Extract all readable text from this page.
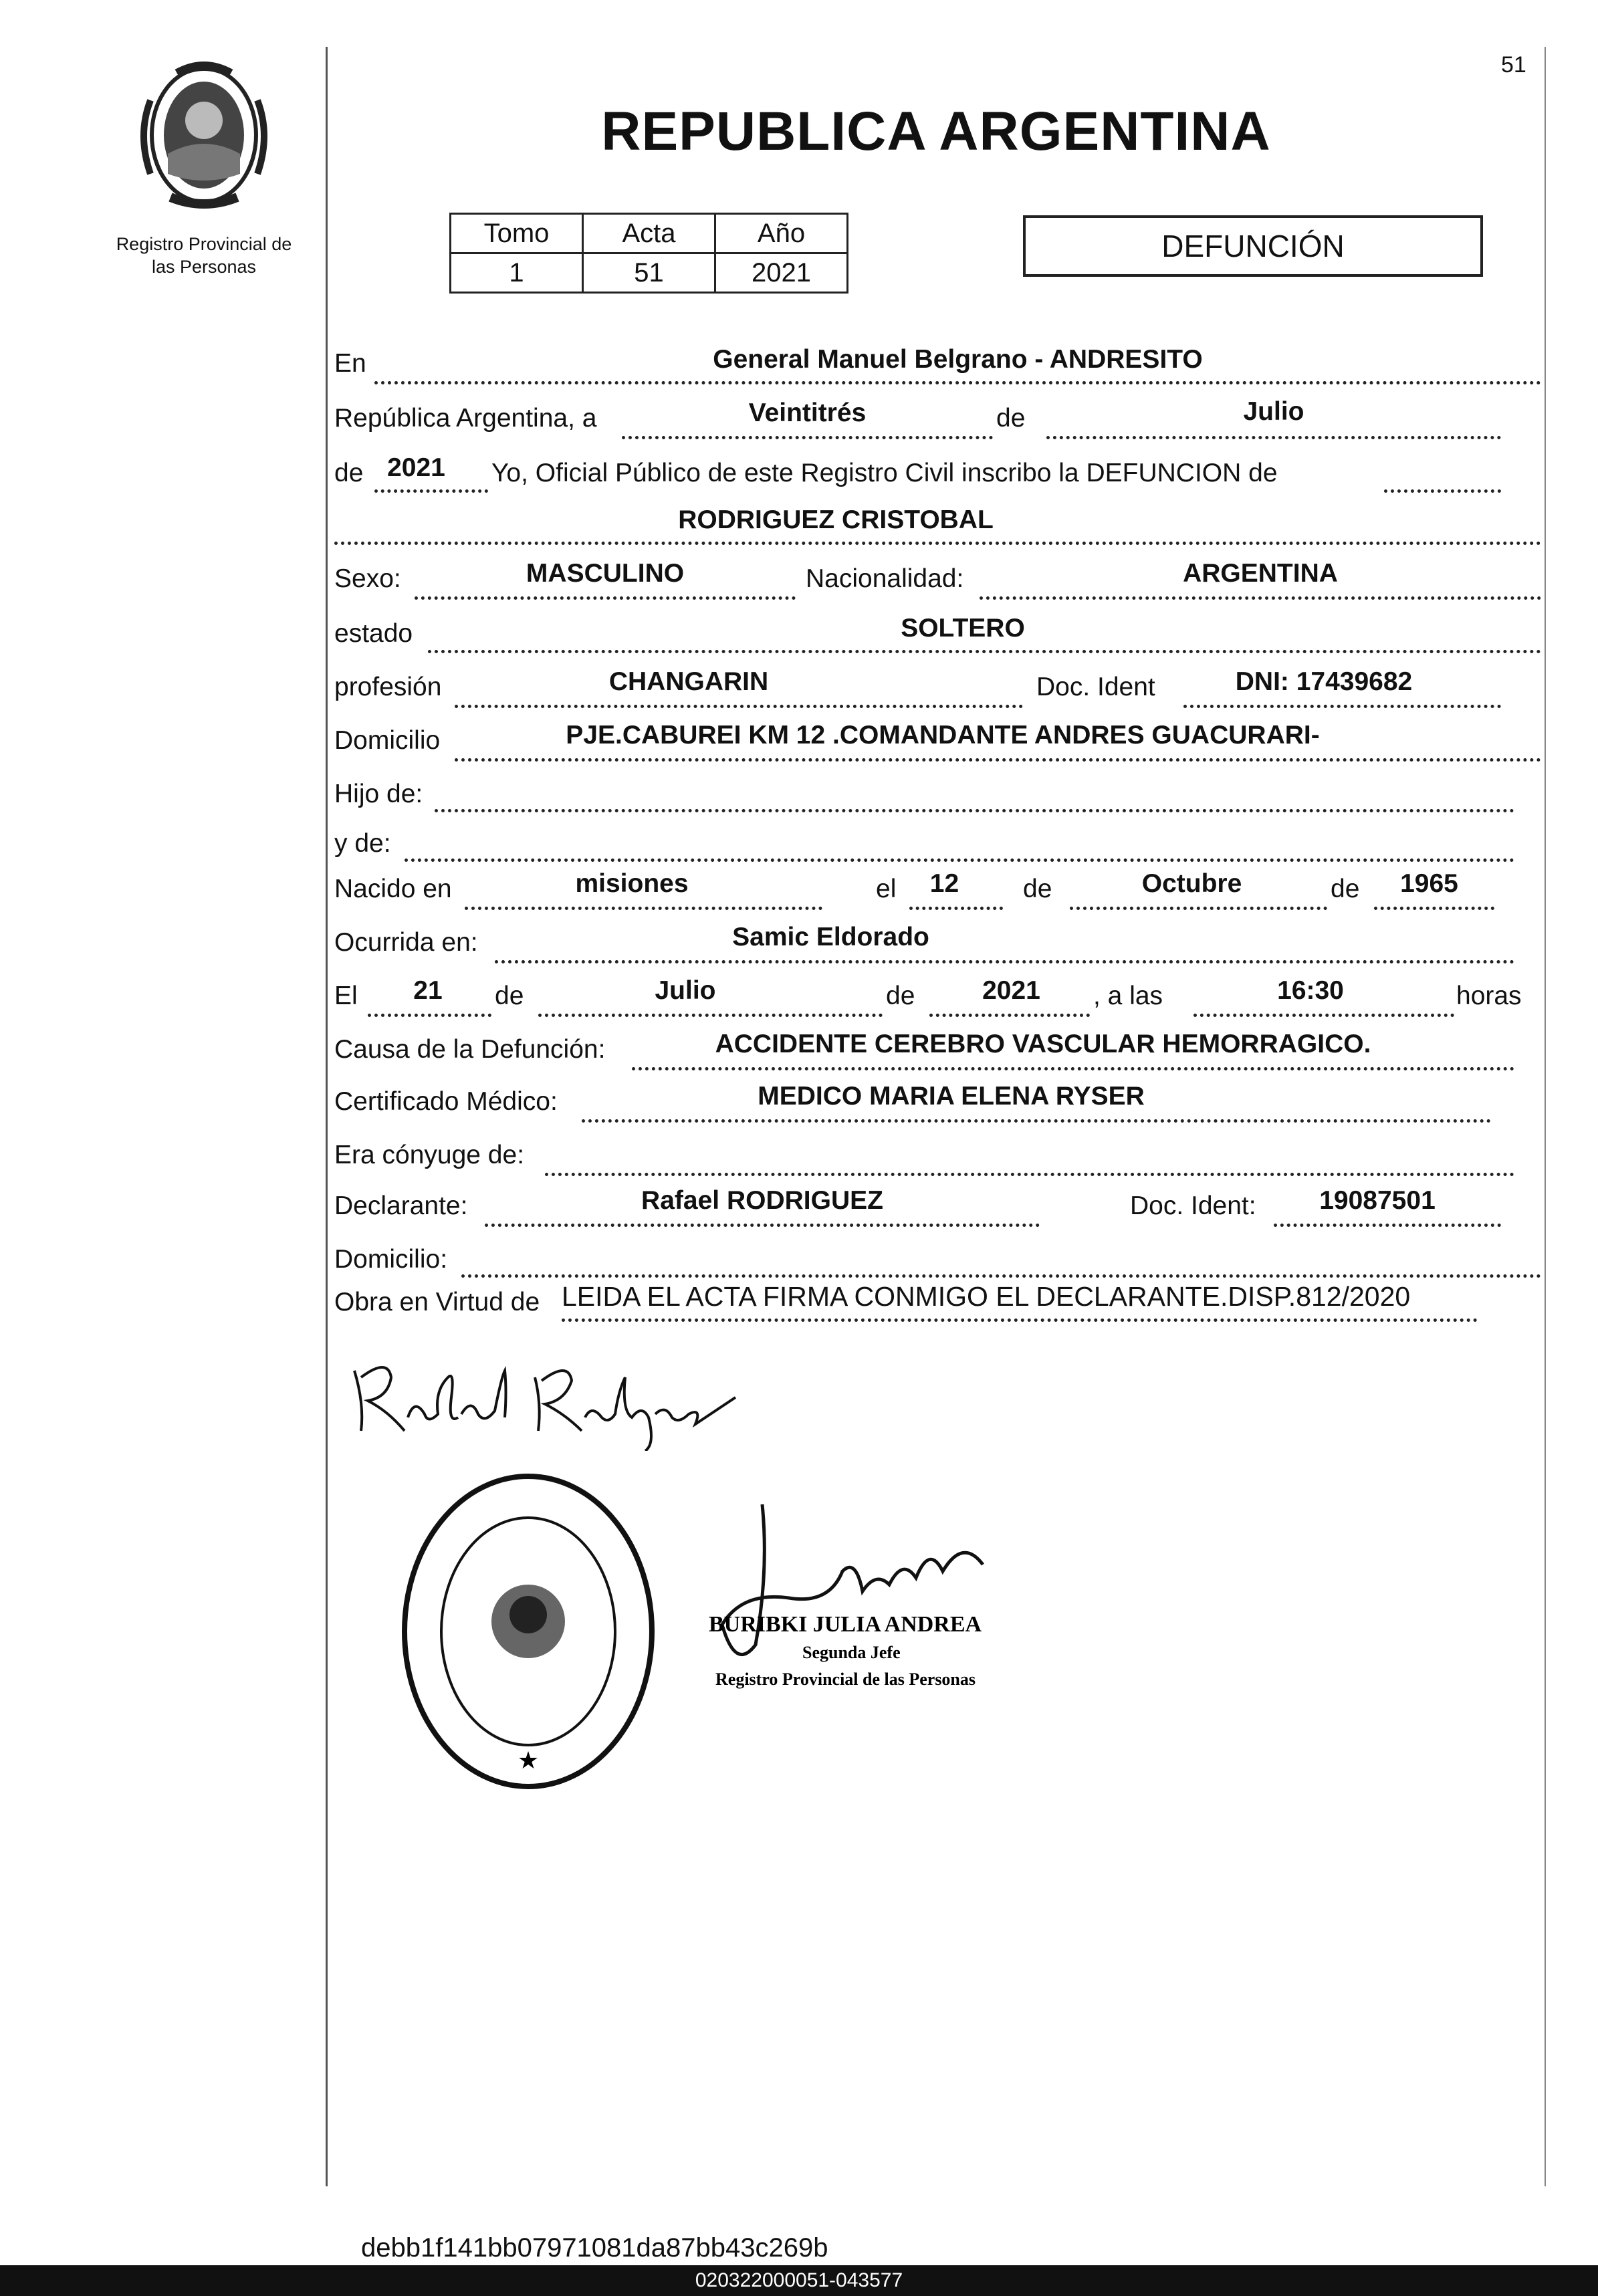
51
Registro Provincial de
las Personas
REPUBLICA ARGENTINA
Tomo	Acta	Año
1	51	2021
DEFUNCIÓN
En	General Manuel Belgrano - ANDRESITO
República Argentina, a	Veintitrés	de	Julio
de 2021	Yo, Oficial Público de este Registro Civil inscribo la DEFUNCION de
RODRIGUEZ CRISTOBAL
Sexo:	MASCULINO	Nacionalidad:	ARGENTINA
estado	SOLTERO
profesión	CHANGARIN	Doc. Ident	DNI: 17439682
Domicilio	PJE.CABUREI KM 12 .COMANDANTE ANDRES GUACURARI-
Hijo de:
y de:
Nacido en	misiones	el	12	de	Octubre	de	1965
Ocurrida en:	Samic Eldorado
El	21	de	Julio	de	2021	, a las	16:30	horas
Causa de la Defunción:	ACCIDENTE CEREBRO VASCULAR HEMORRAGICO.
Certificado Médico:	MEDICO MARIA ELENA RYSER
Era cónyuge de:
Declarante:	Rafael RODRIGUEZ	Doc. Ident:	19087501
Domicilio:
Obra en Virtud de LEIDA EL ACTA FIRMA CONMIGO EL DECLARANTE.DISP.812/2020
★
BURIBKI JULIA ANDREA
Segunda Jefe
Registro Provincial de las Personas
debb1f141bb07971081da87bb43c269b
020322000051-043577
